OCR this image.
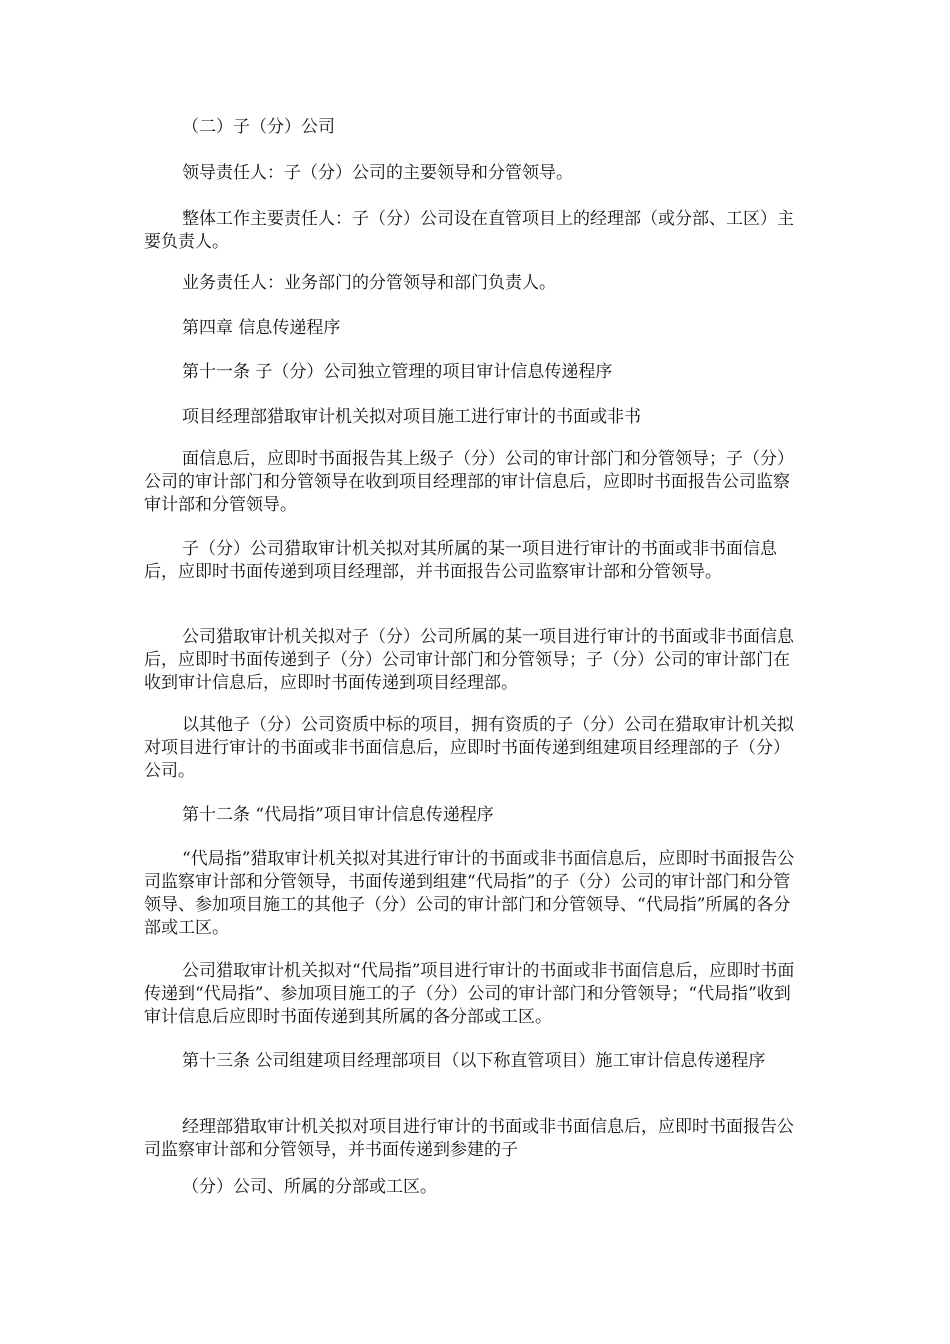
（二）子（分）公司

领导责任人：子（分）公司的主要领导和分管领导。

整体工作主要责任人：子（分）公司设在直管项目上的经理部（或分部、工区）主要负责人。

业务责任人：业务部门的分管领导和部门负责人。

第四章 信息传递程序

第十一条 子（分）公司独立管理的项目审计信息传递程序

项目经理部猎取审计机关拟对项目施工进行审计的书面或非书

面信息后，应即时书面报告其上级子（分）公司的审计部门和分管领导；子（分）公司的审计部门和分管领导在收到项目经理部的审计信息后，应即时书面报告公司监察审计部和分管领导。

子（分）公司猎取审计机关拟对其所属的某一项目进行审计的书面或非书面信息后，应即时书面传递到项目经理部，并书面报告公司监察审计部和分管领导。

公司猎取审计机关拟对子（分）公司所属的某一项目进行审计的书面或非书面信息后，应即时书面传递到子（分）公司审计部门和分管领导；子（分）公司的审计部门在收到审计信息后，应即时书面传递到项目经理部。

以其他子（分）公司资质中标的项目，拥有资质的子（分）公司在猎取审计机关拟对项目进行审计的书面或非书面信息后，应即时书面传递到组建项目经理部的子（分）公司。

第十二条 “代局指”项目审计信息传递程序

“代局指”猎取审计机关拟对其进行审计的书面或非书面信息后，应即时书面报告公司监察审计部和分管领导，书面传递到组建“代局指”的子（分）公司的审计部门和分管领导、参加项目施工的其他子（分）公司的审计部门和分管领导、“代局指”所属的各分部或工区。

公司猎取审计机关拟对“代局指”项目进行审计的书面或非书面信息后，应即时书面传递到“代局指”、参加项目施工的子（分）公司的审计部门和分管领导；“代局指”收到审计信息后应即时书面传递到其所属的各分部或工区。

第十三条 公司组建项目经理部项目（以下称直管项目）施工审计信息传递程序

经理部猎取审计机关拟对项目进行审计的书面或非书面信息后，应即时书面报告公司监察审计部和分管领导，并书面传递到参建的子

（分）公司、所属的分部或工区。
